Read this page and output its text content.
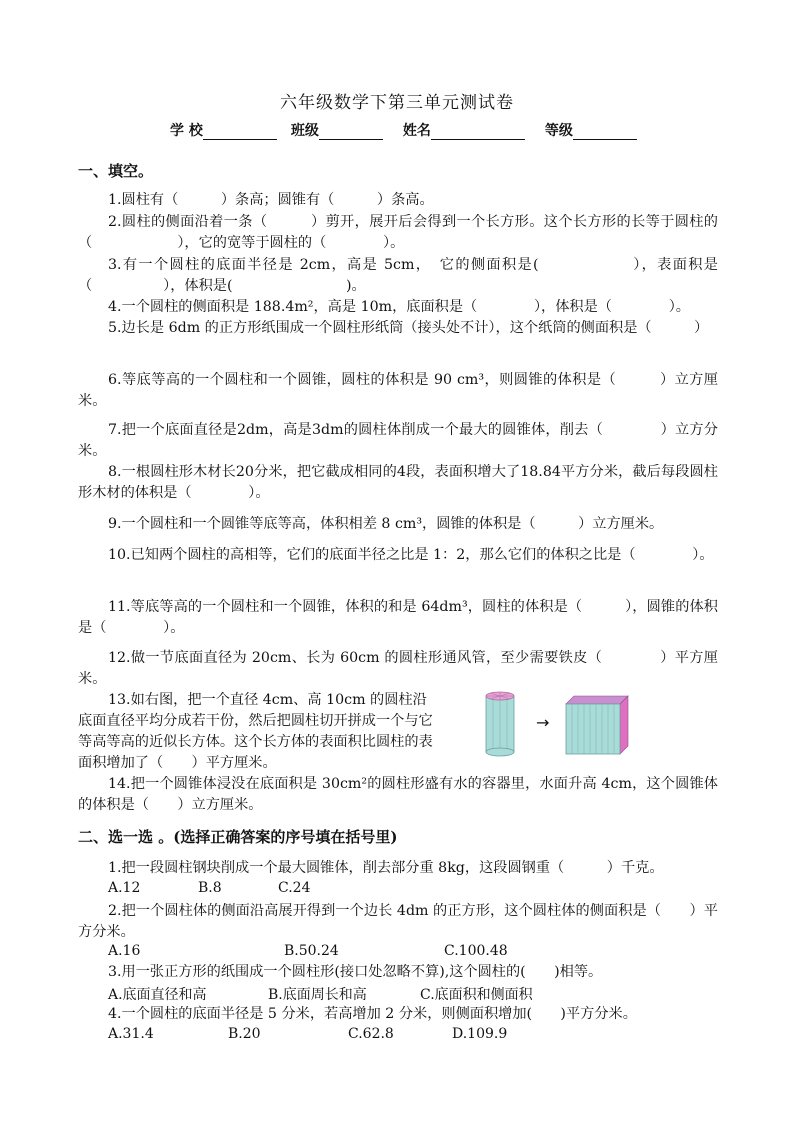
六年级数学下第三单元测试卷
学 校	班级	姓名	等级
一、填空。
1.圆柱有（　　　）条高；圆锥有（　　　）条高。
2.圆柱的侧面沿着一条（　　　）剪开，展开后会得到一个长方形。这个长方形的长等于圆柱的（　　　　　　），它的宽等于圆柱的（　　　　）。
3.有一个圆柱的底面半径是 2cm，高是 5cm，　它的侧面积是(　　　　　　），表面积是（　　　　　），体积是(　　　　　　　　)。
4.一个圆柱的侧面积是 188.4m²，高是 10m，底面积是（　　　　），体积是（　　　　）。
5.边长是 6dm 的正方形纸围成一个圆柱形纸筒（接头处不计），这个纸筒的侧面积是（　　　）
6.等底等高的一个圆柱和一个圆锥，圆柱的体积是 90 cm³，则圆锥的体积是（　　　）立方厘米。
7.把一个底面直径是2dm，高是3dm的圆柱体削成一个最大的圆锥体，削去（　　　　）立方分米。
8.一根圆柱形木材长20分米，把它截成相同的4段，表面积增大了18.84平方分米，截后每段圆柱形木材的体积是（　　　　）。
9.一个圆柱和一个圆锥等底等高，体积相差 8 cm³，圆锥的体积是（　　　）立方厘米。
10.已知两个圆柱的高相等，它们的底面半径之比是 1：2，那么它们的体积之比是（　　　　）。
11.等底等高的一个圆柱和一个圆锥，体积的和是 64dm³，圆柱的体积是（　　　），圆锥的体积是（　　　　）。
12.做一节底面直径为 20cm、长为 60cm 的圆柱形通风管，至少需要铁皮（　　　　）平方厘米。
13.如右图，把一个直径 4cm、高 10cm 的圆柱沿
底面直径平均分成若干份，然后把圆柱切开拼成一个与它
等高等高的近似长方体。这个长方体的表面积比圆柱的表
面积增加了（　　）平方厘米。
→
14.把一个圆锥体浸没在底面积是 30cm²的圆柱形盛有水的容器里，水面升高 4cm，这个圆锥体的体积是（　　）立方厘米。
二、选一选 。(选择正确答案的序号填在括号里)
1.把一段圆柱钢块削成一个最大圆锥体，削去部分重 8kg，这段圆钢重（　　　）千克。
A.12	B.8	C.24
2.把一个圆柱体的侧面沿高展开得到一个边长 4dm 的正方形，这个圆柱体的侧面积是（　　）平方分米。
A.16	B.50.24	C.100.48
3.用一张正方形的纸围成一个圆柱形(接口处忽略不算),这个圆柱的(　　)相等。
A.底面直径和高	B.底面周长和高	C.底面积和侧面积
4.一个圆柱的底面半径是 5 分米，若高增加 2 分米，则侧面积增加(　　)平方分米。
A.31.4	B.20	C.62.8	D.109.9
